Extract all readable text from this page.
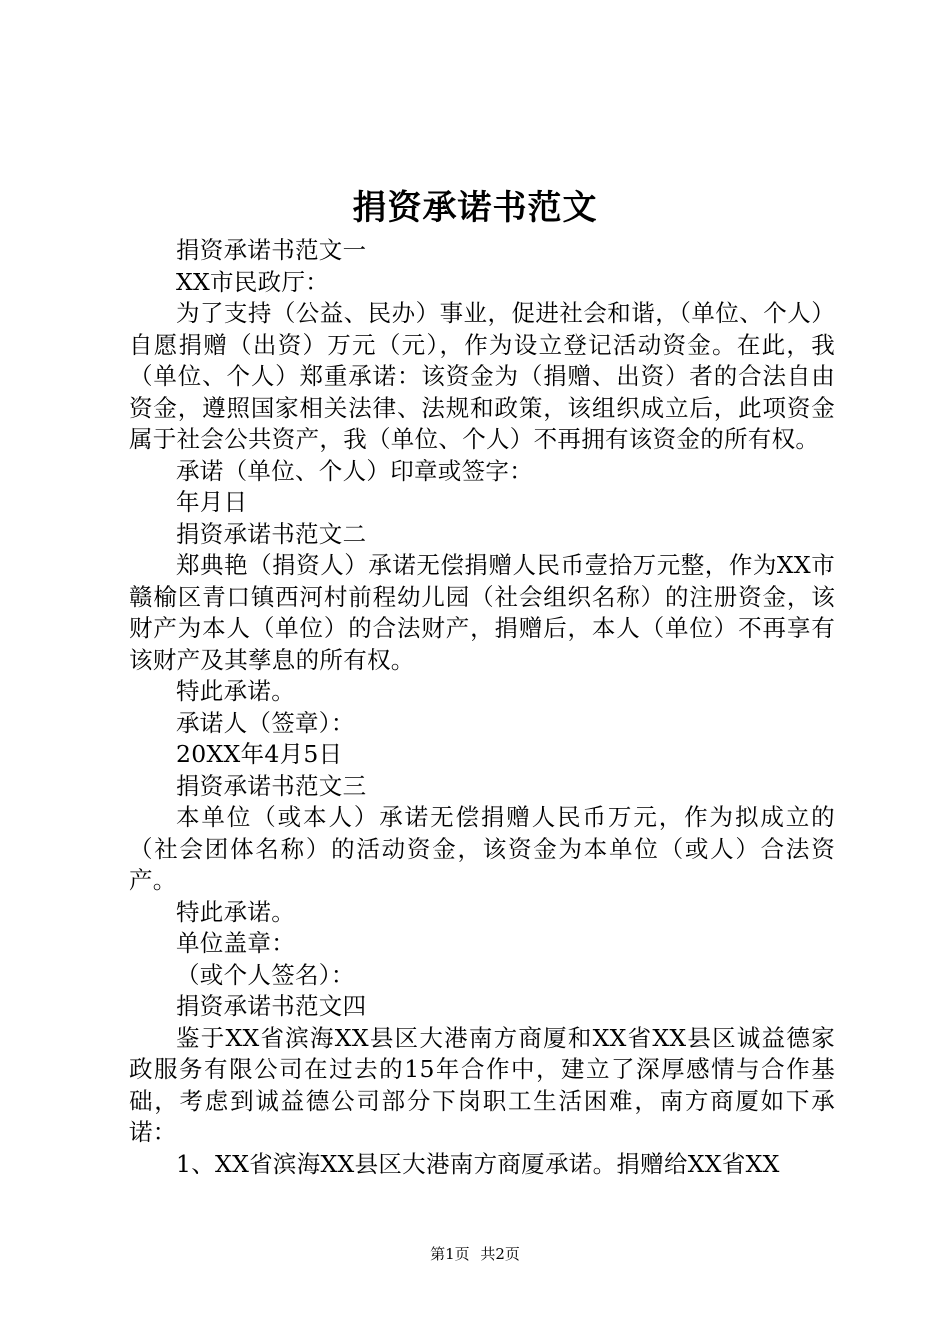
捐资承诺书范文

捐资承诺书范文一

XX市民政厅：

为了支持（公益、民办）事业，促进社会和谐，（单位、个人）自愿捐赠（出资）万元（元），作为设立登记活动资金。在此，我（单位、个人）郑重承诺：该资金为（捐赠、出资）者的合法自由资金，遵照国家相关法律、法规和政策，该组织成立后，此项资金属于社会公共资产，我（单位、个人）不再拥有该资金的所有权。

承诺（单位、个人）印章或签字：

年月日

捐资承诺书范文二

郑典艳（捐资人）承诺无偿捐赠人民币壹拾万元整，作为XX市赣榆区青口镇西河村前程幼儿园（社会组织名称）的注册资金，该财产为本人（单位）的合法财产，捐赠后，本人（单位）不再享有该财产及其孳息的所有权。

特此承诺。

承诺人（签章）：

20XX年4月5日

捐资承诺书范文三

本单位（或本人）承诺无偿捐赠人民币万元，作为拟成立的（社会团体名称）的活动资金，该资金为本单位（或人）合法资产。

特此承诺。

单位盖章：

（或个人签名）：

捐资承诺书范文四

鉴于XX省滨海XX县区大港南方商厦和XX省XX县区诚益德家政服务有限公司在过去的15年合作中，建立了深厚感情与合作基础，考虑到诚益德公司部分下岗职工生活困难，南方商厦如下承诺：

1、XX省滨海XX县区大港南方商厦承诺。捐赠给XX省XX

第1页 共2页
